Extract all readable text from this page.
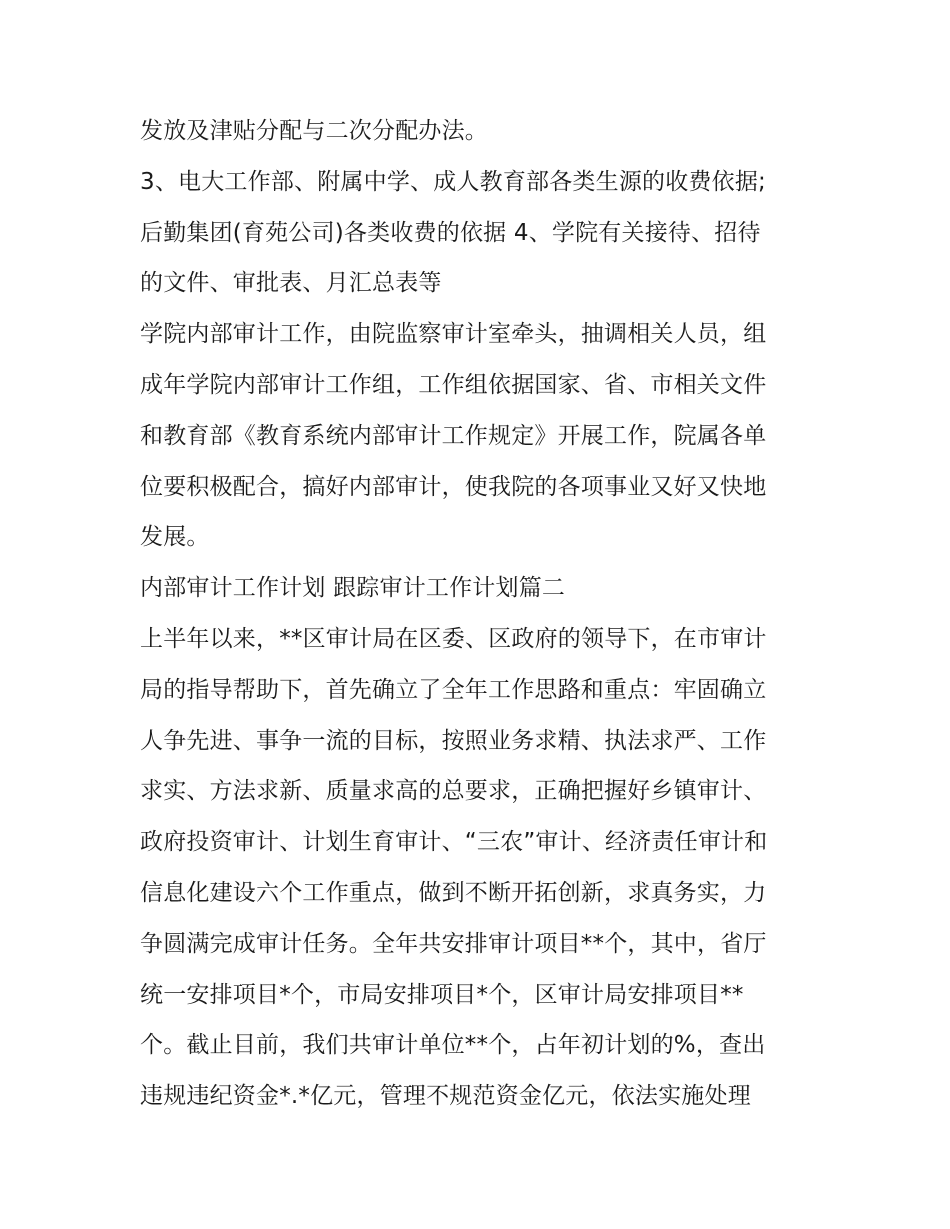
发放及津贴分配与二次分配办法。
3、电大工作部、附属中学、成人教育部各类生源的收费依据;
后勤集团(育苑公司)各类收费的依据 4、学院有关接待、招待
的文件、审批表、月汇总表等
学院内部审计工作，由院监察审计室牵头，抽调相关人员，组
成年学院内部审计工作组，工作组依据国家、省、市相关文件
和教育部《教育系统内部审计工作规定》开展工作，院属各单
位要积极配合，搞好内部审计，使我院的各项事业又好又快地
发展。
内部审计工作计划 跟踪审计工作计划篇二
上半年以来，**区审计局在区委、区政府的领导下，在市审计
局的指导帮助下，首先确立了全年工作思路和重点：牢固确立
人争先进、事争一流的目标，按照业务求精、执法求严、工作
求实、方法求新、质量求高的总要求，正确把握好乡镇审计、
政府投资审计、计划生育审计、“三农”审计、经济责任审计和
信息化建设六个工作重点，做到不断开拓创新，求真务实，力
争圆满完成审计任务。全年共安排审计项目**个，其中，省厅
统一安排项目*个，市局安排项目*个，区审计局安排项目**
个。截止目前，我们共审计单位**个，占年初计划的%，查出
违规违纪资金*.*亿元，管理不规范资金亿元，依法实施处理
